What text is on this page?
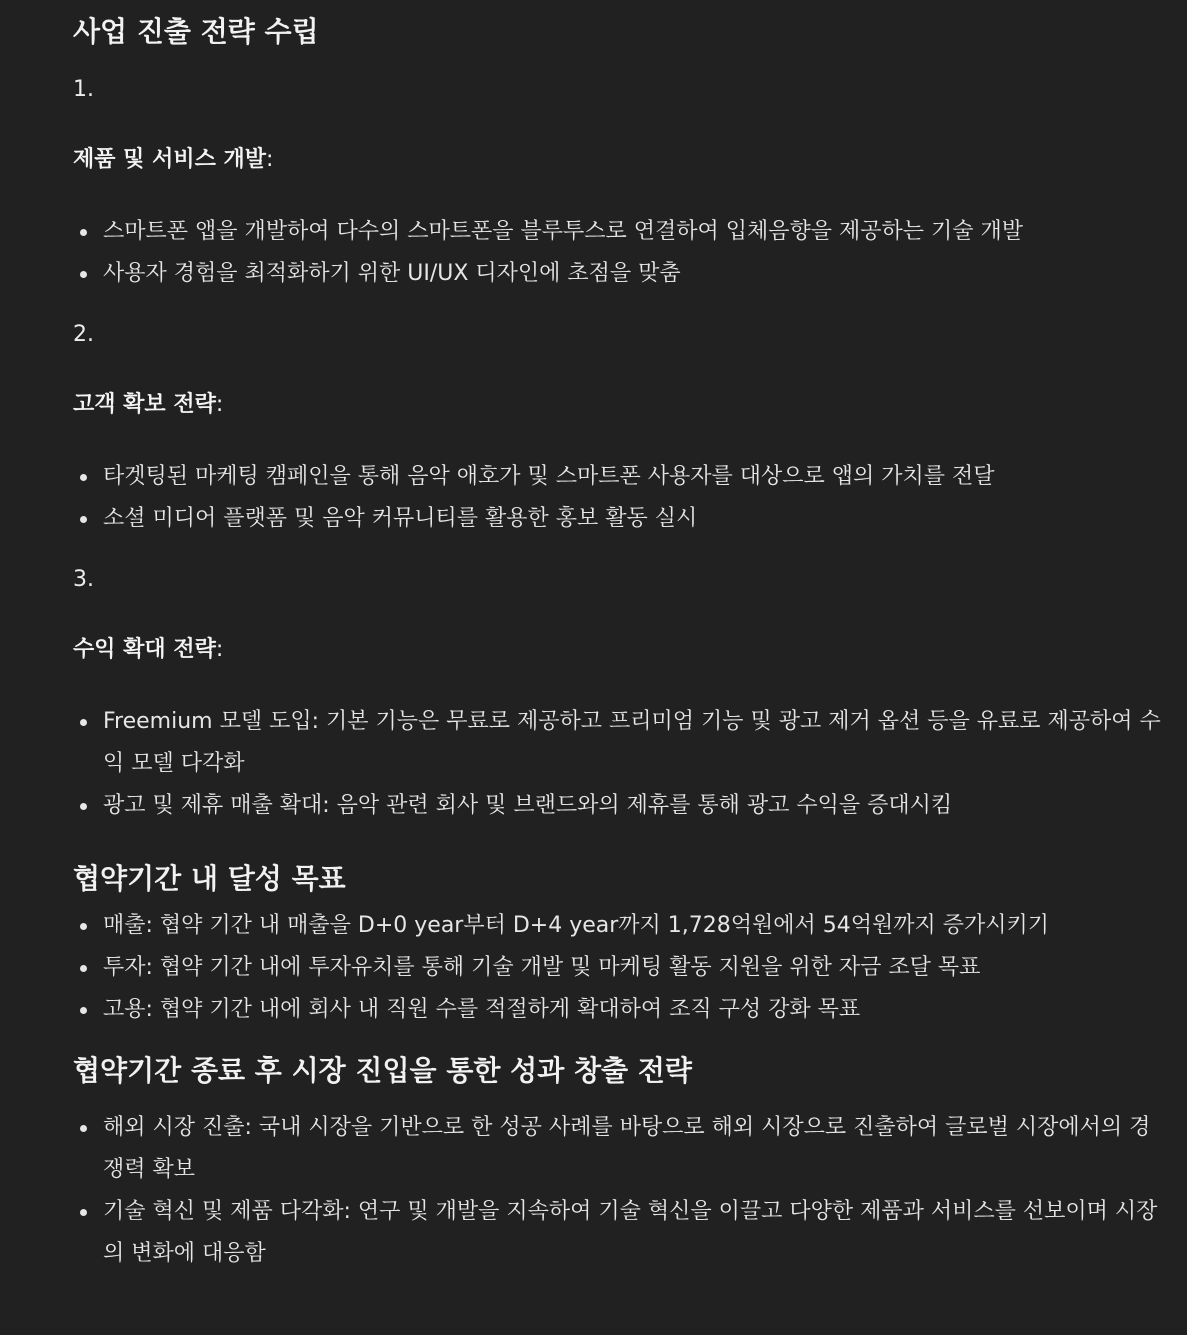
사업 진출 전략 수립
1.
제품 및 서비스 개발:
스마트폰 앱을 개발하여 다수의 스마트폰을 블루투스로 연결하여 입체음향을 제공하는 기술 개발
사용자 경험을 최적화하기 위한 UI/UX 디자인에 초점을 맞춤
2.
고객 확보 전략:
타겟팅된 마케팅 캠페인을 통해 음악 애호가 및 스마트폰 사용자를 대상으로 앱의 가치를 전달
소셜 미디어 플랫폼 및 음악 커뮤니티를 활용한 홍보 활동 실시
3.
수익 확대 전략:
Freemium 모델 도입: 기본 기능은 무료로 제공하고 프리미엄 기능 및 광고 제거 옵션 등을 유료로 제공하여 수익 모델 다각화
광고 및 제휴 매출 확대: 음악 관련 회사 및 브랜드와의 제휴를 통해 광고 수익을 증대시킴
협약기간 내 달성 목표
매출: 협약 기간 내 매출을 D+0 year부터 D+4 year까지 1,728억원에서 54억원까지 증가시키기
투자: 협약 기간 내에 투자유치를 통해 기술 개발 및 마케팅 활동 지원을 위한 자금 조달 목표
고용: 협약 기간 내에 회사 내 직원 수를 적절하게 확대하여 조직 구성 강화 목표
협약기간 종료 후 시장 진입을 통한 성과 창출 전략
해외 시장 진출: 국내 시장을 기반으로 한 성공 사례를 바탕으로 해외 시장으로 진출하여 글로벌 시장에서의 경쟁력 확보
기술 혁신 및 제품 다각화: 연구 및 개발을 지속하여 기술 혁신을 이끌고 다양한 제품과 서비스를 선보이며 시장의 변화에 대응함
